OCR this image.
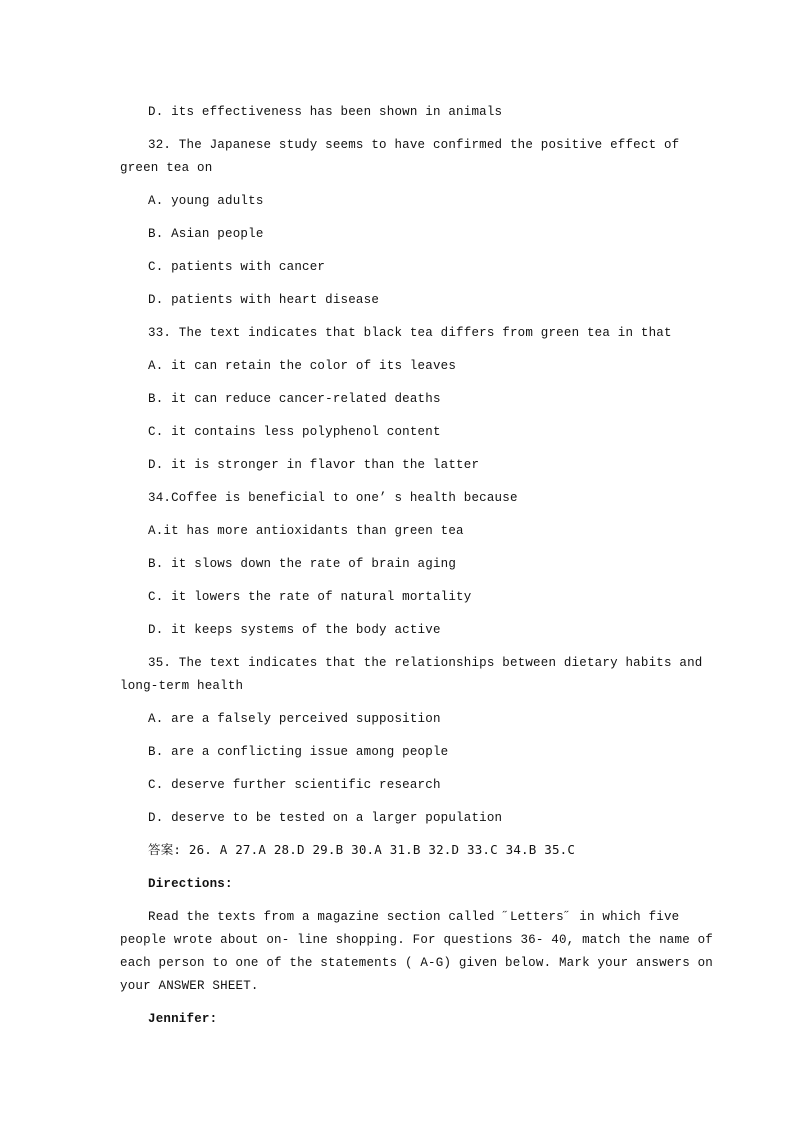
D. its effectiveness has been shown in animals
32. The Japanese study seems to have confirmed the positive effect of
green tea on
A. young adults
B. Asian people
C. patients with cancer
D. patients with heart disease
33. The text indicates that black tea differs from green tea in that
A. it can retain the color of its leaves
B. it can reduce cancer-related deaths
C. it contains less polyphenol content
D. it is stronger in flavor than the latter
34.Coffee is beneficial to one’ s health because
A.it has more antioxidants than green tea
B. it slows down the rate of brain aging
C. it lowers the rate of natural mortality
D. it keeps systems of the body active
35. The text indicates that the relationships between dietary habits and
long-term health
A. are a falsely perceived supposition
B. are a conflicting issue among people
C. deserve further scientific research
D. deserve to be tested on a larger population
答案: 26. A 27.A 28.D 29.B 30.A 31.B 32.D 33.C 34.B 35.C
Directions:
Read the texts from a magazine section called ˝Letters˝ in which five
people wrote about on- line shopping. For questions 36- 40, match the name of
each person to one of the statements ( A-G) given below. Mark your answers on
your ANSWER SHEET.
Jennifer:
